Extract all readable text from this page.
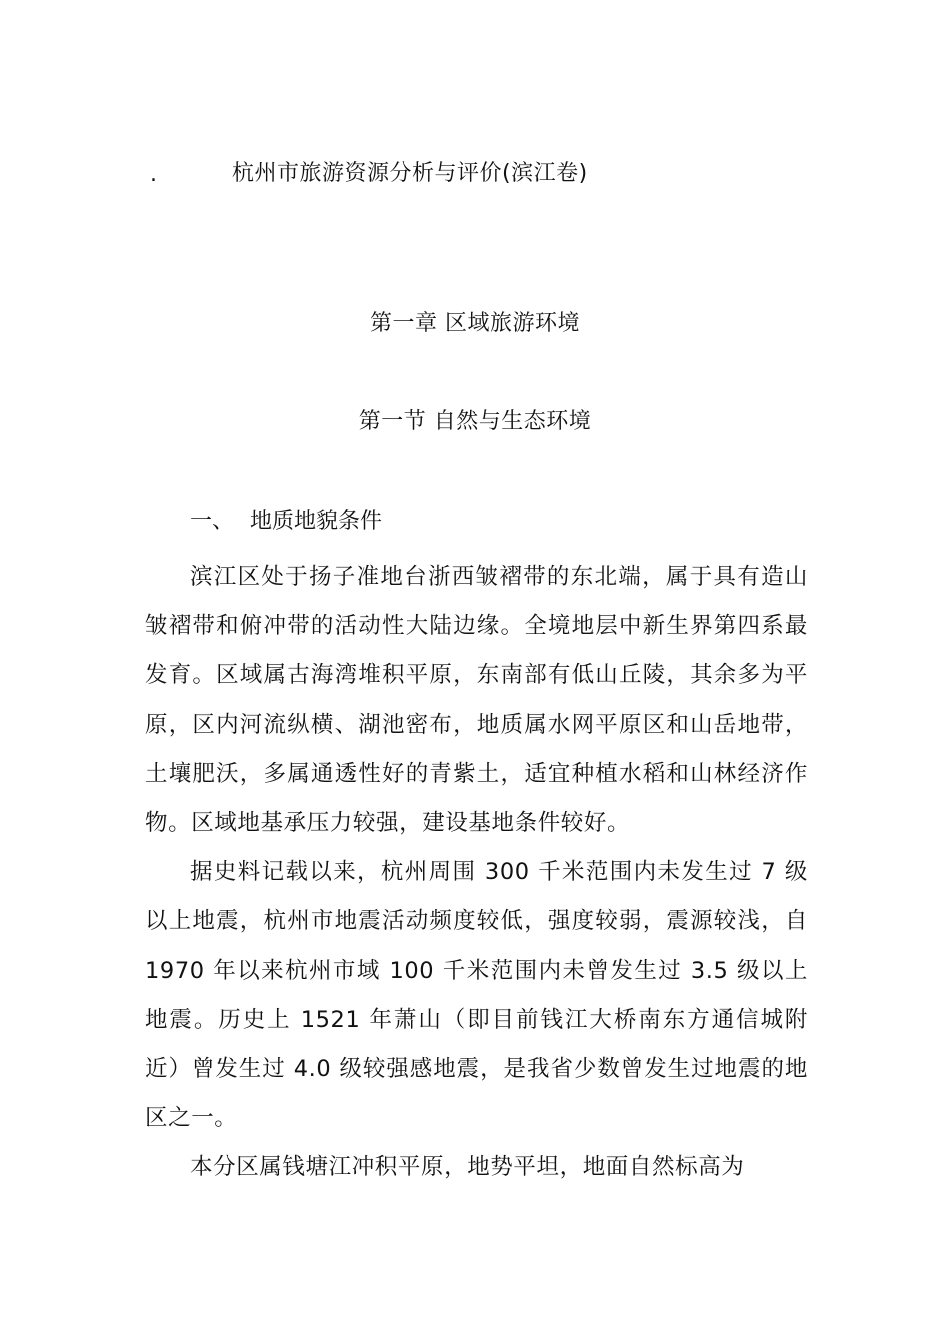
.	杭州市旅游资源分析与评价(滨江卷)
第一章 区域旅游环境
第一节 自然与生态环境
一、 地质地貌条件

滨江区处于扬子准地台浙西皱褶带的东北端，属于具有造山皱褶带和俯冲带的活动性大陆边缘。全境地层中新生界第四系最发育。区域属古海湾堆积平原，东南部有低山丘陵，其余多为平原，区内河流纵横、湖池密布，地质属水网平原区和山岳地带，土壤肥沃，多属通透性好的青紫土，适宜种植水稻和山林经济作物。区域地基承压力较强，建设基地条件较好。

据史料记载以来，杭州周围 300 千米范围内未发生过 7 级以上地震，杭州市地震活动频度较低，强度较弱，震源较浅，自 1970 年以来杭州市域 100 千米范围内未曾发生过 3.5 级以上地震。历史上 1521 年萧山（即目前钱江大桥南东方通信城附近）曾发生过 4.0 级较强感地震，是我省少数曾发生过地震的地区之一。

本分区属钱塘江冲积平原，地势平坦，地面自然标高为
